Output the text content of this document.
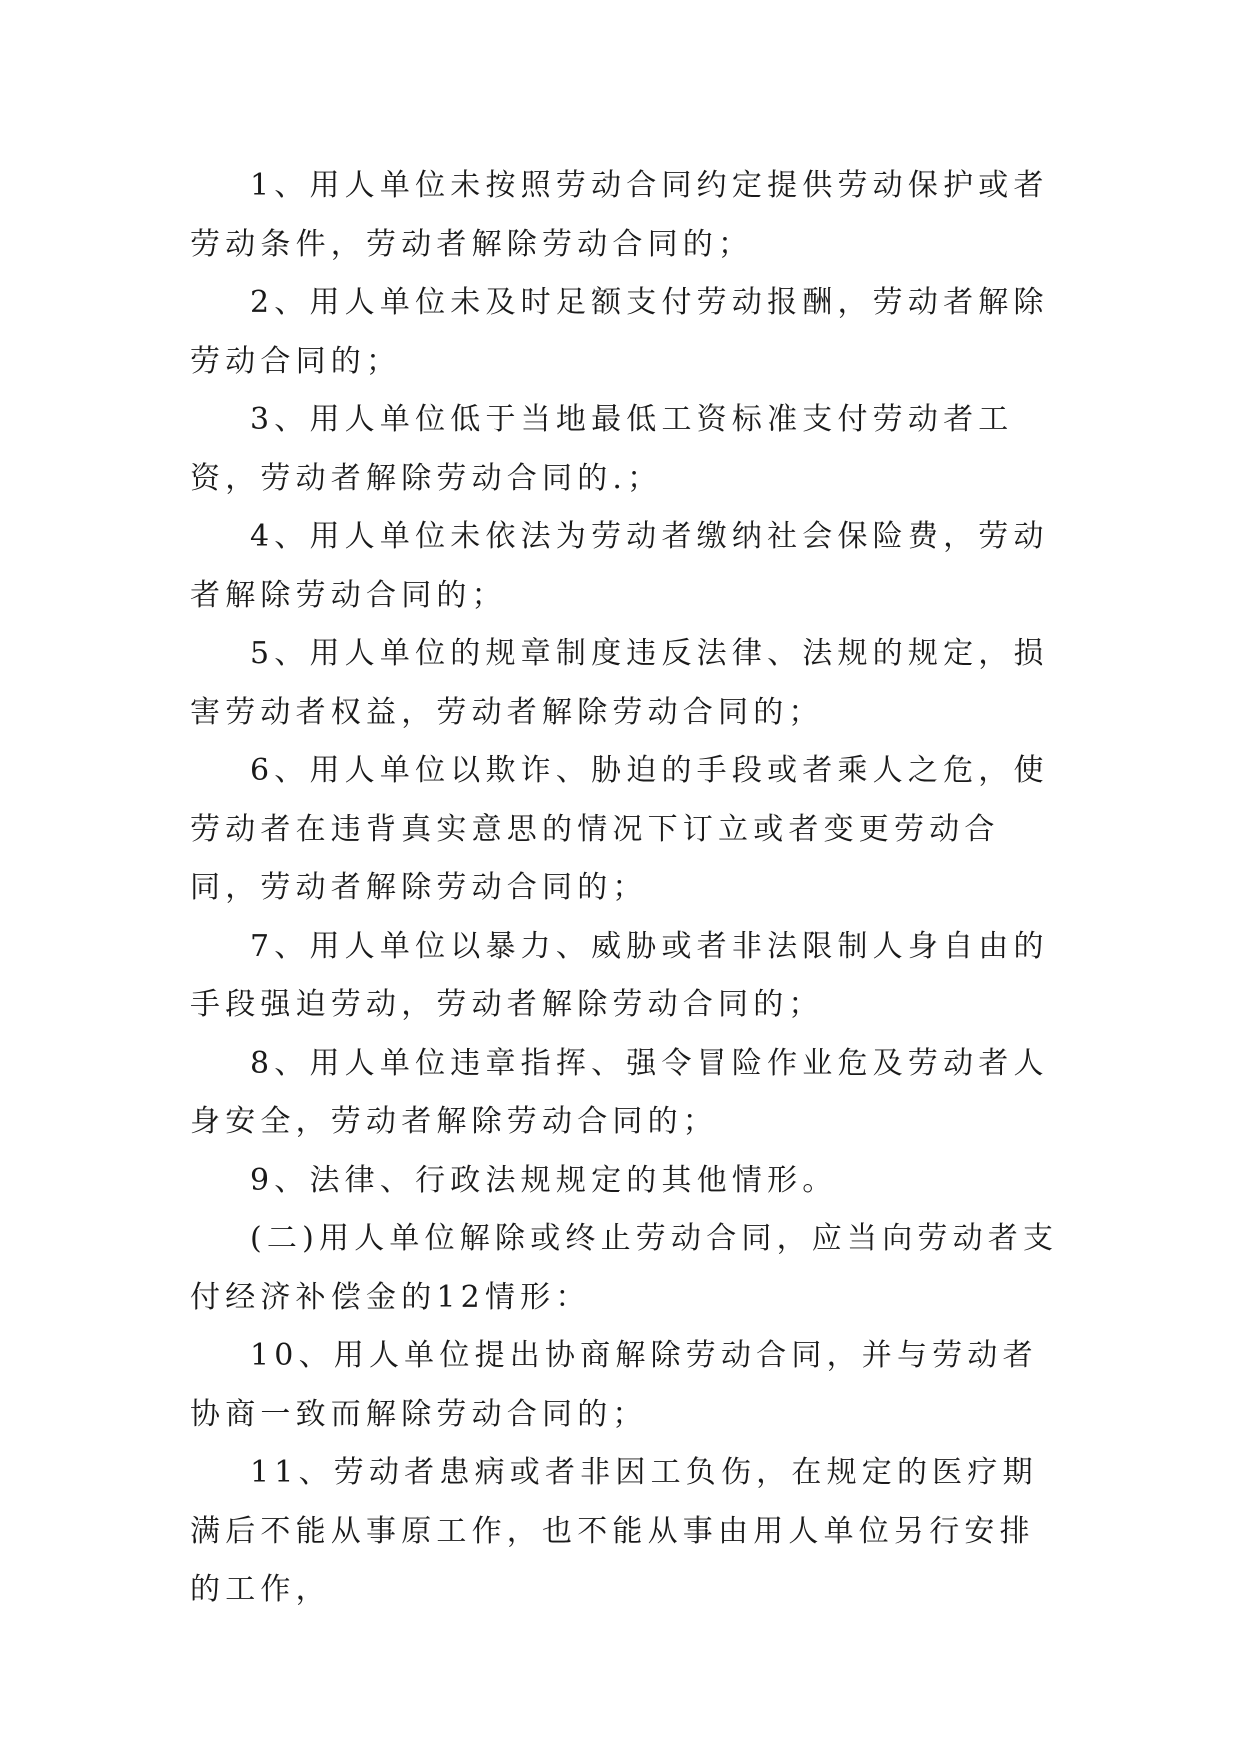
1、用人单位未按照劳动合同约定提供劳动保护或者劳动条件，劳动者解除劳动合同的；

2、用人单位未及时足额支付劳动报酬，劳动者解除劳动合同的；

3、用人单位低于当地最低工资标准支付劳动者工资，劳动者解除劳动合同的.；

4、用人单位未依法为劳动者缴纳社会保险费，劳动者解除劳动合同的；

5、用人单位的规章制度违反法律、法规的规定，损害劳动者权益，劳动者解除劳动合同的；

6、用人单位以欺诈、胁迫的手段或者乘人之危，使劳动者在违背真实意思的情况下订立或者变更劳动合同，劳动者解除劳动合同的；

7、用人单位以暴力、威胁或者非法限制人身自由的手段强迫劳动，劳动者解除劳动合同的；

8、用人单位违章指挥、强令冒险作业危及劳动者人身安全，劳动者解除劳动合同的；

9、法律、行政法规规定的其他情形。

(二)用人单位解除或终止劳动合同，应当向劳动者支付经济补偿金的12情形：

10、用人单位提出协商解除劳动合同，并与劳动者协商一致而解除劳动合同的；

11、劳动者患病或者非因工负伤，在规定的医疗期满后不能从事原工作，也不能从事由用人单位另行安排的工作，
